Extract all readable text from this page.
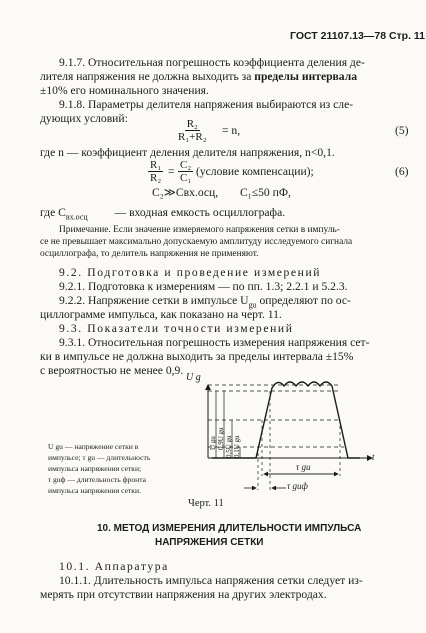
ГОСТ 21107.13—78 Стр. 11
9.1.7. Относительная погрешность коэффициента деления де-
лителя напряжения не должна выходить за пределы интервала
±10% его номинального значения.
9.1.8. Параметры делителя напряжения выбираются из сле-
дующих условий:	$\frac{\text{R₂}}{\text{R₁+R₂}} = n$,	(5)
где n — коэффициент деления делителя напряжения, n<0,1.
$\frac{\text{R₁}}{\text{R₂}} = \frac{\text{C₂}}{\text{C₁}}$ (условие компенсации);	(6)
C₂≫Cвх.осц, C₁≤50 пФ,
где $C_{вх.осц}$ — входная емкость осциллографа.
Примечание. Если значение измеряемого напряжения сетки в импуль-
се не превышает максимально допускаемую амплитуду исследуемого сигнала
осциллографа, то делитель напряжения не применяют.
9.2. Подготовка и проведение измерений
9.2.1. Подготовка к измерениям — по пп. 1.3; 2.2.1 и 5.2.3.
9.2.2. Напряжение сетки в импульсе $U_{gu}$ определяют по ос-
циллограмме импульса, как показано на черт. 11.
9.3. Показатели точности измерений
9.3.1. Относительная погрешность измерения напряжения сет-
ки в импульсе не должна выходить за пределы интервала ±15%
с вероятностью не менее 0,9.
U gu — напряжение сетки в
импульсе; τ gu — длительность
импульса напряжения сетки;
τ guф — длительность фронта
импульса напряжения сетки.
U g
t
U gu 0,9U gu 0,5U gu 0,1U gu
τ gu
τ guф
Черт. 11
10. МЕТОД ИЗМЕРЕНИЯ ДЛИТЕЛЬНОСТИ ИМПУЛЬСА
НАПРЯЖЕНИЯ СЕТКИ
10.1. Аппаратура
10.1.1. Длительность импульса напряжения сетки следует из-
мерять при отсутствии напряжения на других электродах.
